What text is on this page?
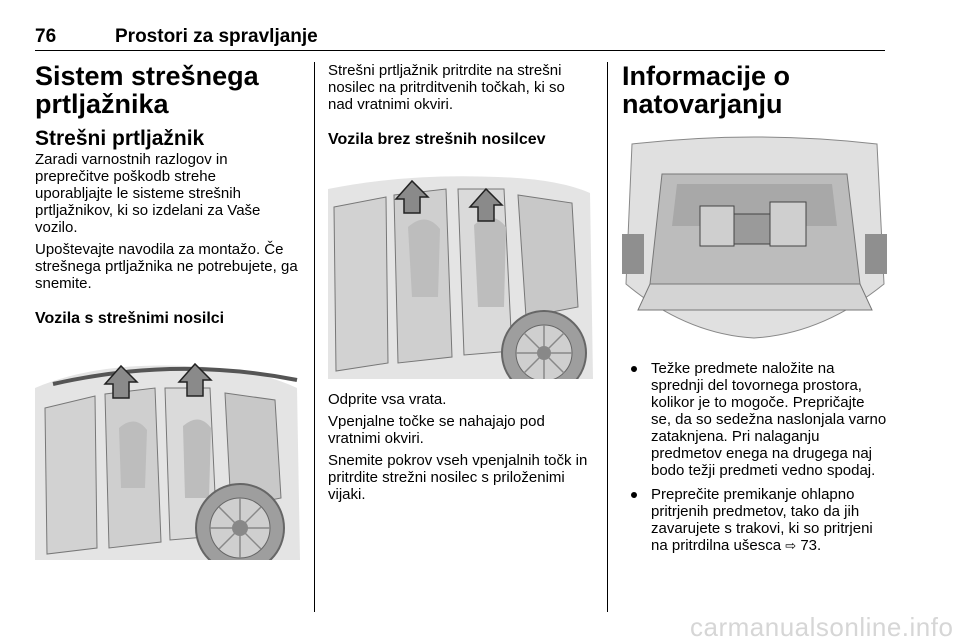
76	Prostori za spravljanje
Sistem strešnega prtljažnika
Strešni prtljažnik

Zaradi varnostnih razlogov in preprečitve poškodb strehe uporabljajte le sisteme strešnih prtljažnikov, ki so izdelani za Vaše vozilo.

Upoštevajte navodila za montažo. Če strešnega prtljažnika ne potrebujete, ga snemite.

Vozila s strešnimi nosilci

Strešni prtljažnik pritrdite na strešni nosilec na pritrditvenih točkah, ki so nad vratnimi okviri.

Vozila brez strešnih nosilcev

Odprite vsa vrata.

Vpenjalne točke se nahajajo pod vratnimi okviri.

Snemite pokrov vseh vpenjalnih točk in pritrdite strežni nosilec s priloženimi vijaki.

Informacije o natovarjanju
Težke predmete naložite na sprednji del tovornega prostora, kolikor je to mogoče. Prepričajte se, da so sedežna naslonjala varno zataknjena. Pri nalaganju predmetov enega na drugega naj bodo težji predmeti vedno spodaj.
Preprečite premikanje ohlapno pritrjenih predmetov, tako da jih zavarujete s trakovi, ki so pritrjeni na pritrdilna ušesca ⇨ 73.
carmanualsonline.info
